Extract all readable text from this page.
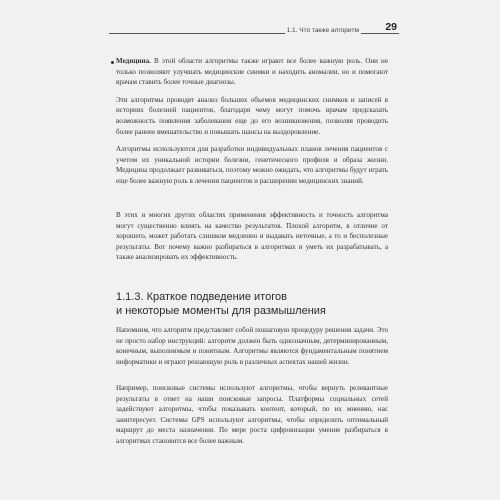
1.1. Что также алгоритм	29

Медицина. В этой области алгоритмы также играют все более важную роль. Они не только позволяют улучшать медицинские снимки и находить аномалии, но и помогают врачам ставить более точные диагнозы.

Эти алгоритмы проводят анализ больших объемов медицинских снимков и записей в историях болезней пациентов, благодаря чему могут помочь врачам предсказать возможность появления заболевания еще до его возникновения, позволяя проводить более раннее вмешательство и повышать шансы на выздоровление.

Алгоритмы используются для разработки индивидуальных планов лечения пациентов с учетом их уникальной истории болезни, генетического профиля и образа жизни. Медицина продолжает развиваться, поэтому можно ожидать, что алгоритмы будут играть еще более важную роль в лечении пациентов и расширении медицинских знаний.

В этих и многих других областях применения эффективность и точность алгоритма могут существенно влиять на качество результатов. Плохой алгоритм, в отличие от хорошего, может работать слишком медленно и выдавать неточные, а то и бесполезные результаты. Вот почему важно разбираться в алгоритмах и уметь их разрабатывать, а также анализировать их эффективность.

1.1.3. Краткое подведение итогов
и некоторые моменты для размышления

Напомним, что алгоритм представляет собой пошаговую процедуру решения задачи. Это не просто набор инструкций: алгоритм должен быть однозначным, детерминированным, конечным, выполнимым и понятным. Алгоритмы являются фундаментальным понятием информатики и играют решающую роль в различных аспектах нашей жизни.

Например, поисковые системы используют алгоритмы, чтобы вернуть релевантные результаты в ответ на наши поисковые запросы. Платформы социальных сетей задействуют алгоритмы, чтобы показывать контент, который, по их мнению, нас заинтересует. Системы GPS используют алгоритмы, чтобы определить оптимальный маршрут до места назначения. По мере роста цифровизации умение разбираться в алгоритмах становится все более важным.
